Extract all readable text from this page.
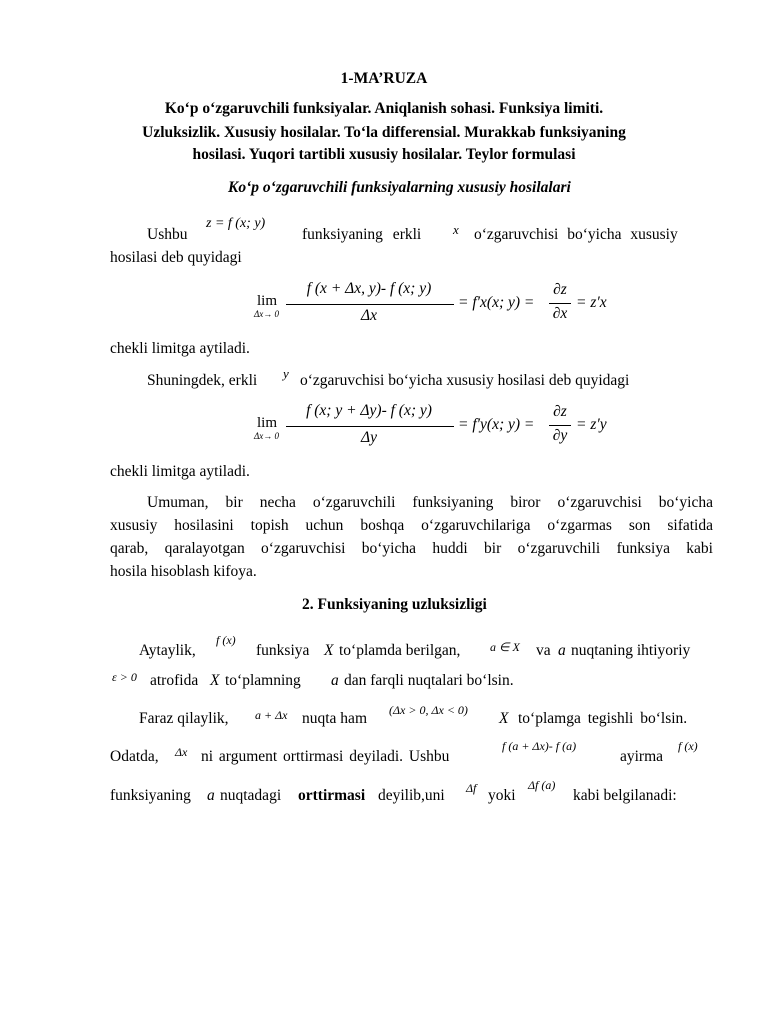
1-MA’RUZA
Ko‘p o‘zgaruvchili funksiyalar. Aniqlanish sohasi. Funksiya limiti.
Uzluksizlik. Xususiy hosilalar. To‘la differensial. Murakkab funksiyaning
hosilasi. Yuqori tartibli xususiy hosilalar. Teylor formulasi
Ko‘p o‘zgaruvchili funksiyalarning xususiy hosilalari
Ushbu
z = f (x; y)
funksiyaning erkli x o‘zgaruvchisi bo‘yicha xususiy
hosilasi deb quyidagi
lim
Δx→ 0
f (x + Δx, y)- f (x; y)
Δx
= f′x(x; y) =
∂z
∂x
= z′x
chekli limitga aytiladi.
Shuningdek, erkli y o‘zgaruvchisi bo‘yicha xususiy hosilasi deb quyidagi
lim
Δx→ 0
f (x; y + Δy)- f (x; y)
Δy
= f′y(x; y) =
∂z
∂y
= z′y
chekli limitga aytiladi.
Umuman, bir necha o‘zgaruvchili funksiyaning biror o‘zgaruvchisi bo‘yicha
xususiy hosilasini topish uchun boshqa o‘zgaruvchilariga o‘zgarmas son sifatida
qarab, qaralayotgan o‘zgaruvchisi bo‘yicha huddi bir o‘zgaruvchili funksiya kabi
hosila hisoblash kifoya.
2. Funksiyaning uzluksizligi
Aytaylik,
f (x)
funksiya X to‘plamda berilgan, a ∈ X va a nuqtaning ihtiyoriy
ε > 0 atrofida X to‘plamning a dan farqli nuqtalari bo‘lsin.
Faraz qilaylik, a + Δx nuqta ham (Δx > 0, Δx < 0) X to‘plamga tegishli bo‘lsin.
Odatda, Δx ni argument orttirmasi deyiladi. Ushbu
f (a + Δx)- f (a)
ayirma
f (x)
funksiyaning a nuqtadagi orttirmasi deyilib,uni Δf yoki
Δf (a)
kabi belgilanadi:
